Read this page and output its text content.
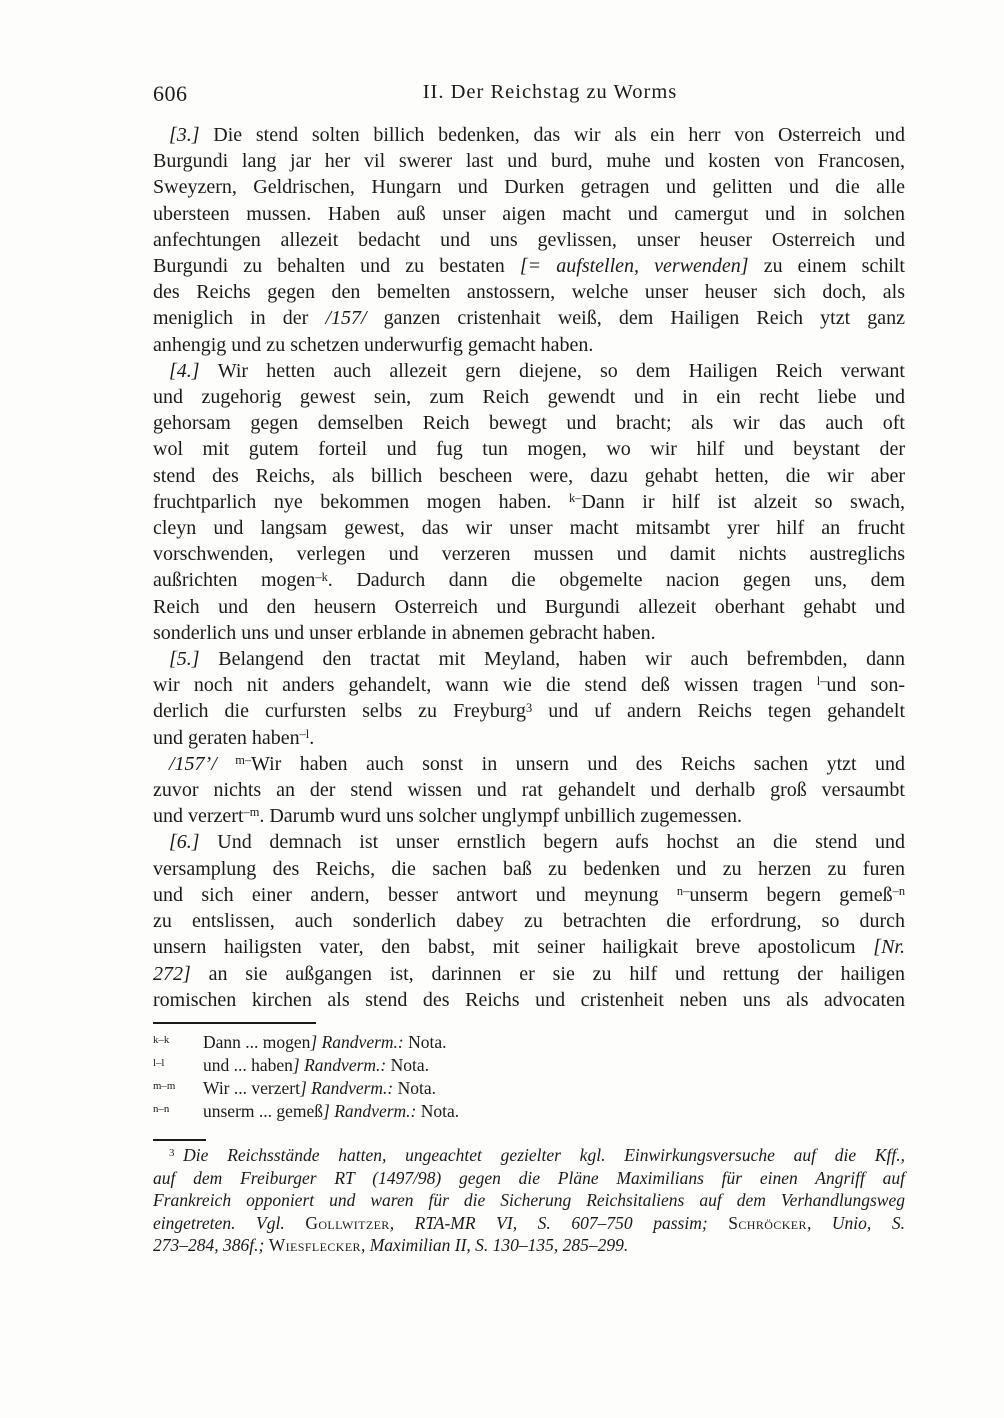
606	II. Der Reichstag zu Worms
[3.] Die stend solten billich bedenken, das wir als ein herr von Osterreich und
Burgundi lang jar her vil swerer last und burd, muhe und kosten von Francosen,
Sweyzern, Geldrischen, Hungarn und Durken getragen und gelitten und die alle
ubersteen mussen. Haben auß unser aigen macht und camergut und in solchen
anfechtungen allezeit bedacht und uns gevlissen, unser heuser Osterreich und
Burgundi zu behalten und zu bestaten [= aufstellen, verwenden] zu einem schilt
des Reichs gegen den bemelten anstossern, welche unser heuser sich doch, als
meniglich in der /157/ ganzen cristenhait weiß, dem Hailigen Reich ytzt ganz
anhengig und zu schetzen underwurfig gemacht haben.
[4.] Wir hetten auch allezeit gern diejene, so dem Hailigen Reich verwant
und zugehorig gewest sein, zum Reich gewendt und in ein recht liebe und
gehorsam gegen demselben Reich bewegt und bracht; als wir das auch oft
wol mit gutem forteil und fug tun mogen, wo wir hilf und beystant der
stend des Reichs, als billich bescheen were, dazu gehabt hetten, die wir aber
fruchtparlich nye bekommen mogen haben. $^{k-}$Dann ir hilf ist alzeit so swach,
cleyn und langsam gewest, das wir unser macht mitsambt yrer hilf an frucht
vorschwenden, verlegen und verzeren mussen und damit nichts austreglichs
außrichten mogen$^{-k}$. Dadurch dann die obgemelte nacion gegen uns, dem
Reich und den heusern Osterreich und Burgundi allezeit oberhant gehabt und
sonderlich uns und unser erblande in abnemen gebracht haben.
[5.] Belangend den tractat mit Meyland, haben wir auch befrembden, dann
wir noch nit anders gehandelt, wann wie die stend deß wissen tragen $^{l-}$und son-
derlich die curfursten selbs zu Freyburg$^3$ und uf andern Reichs tegen gehandelt
und geraten haben$^{-l}$.
/157’/ $^{m-}$Wir haben auch sonst in unsern und des Reichs sachen ytzt und
zuvor nichts an der stend wissen und rat gehandelt und derhalb groß versaumbt
und verzert$^{-m}$. Darumb wurd uns solcher unglympf unbillich zugemessen.
[6.] Und demnach ist unser ernstlich begern aufs hochst an die stend und
versamplung des Reichs, die sachen baß zu bedenken und zu herzen zu furen
und sich einer andern, besser antwort und meynung $^{n-}$unserm begern gemeß$^{-n}$
zu entslissen, auch sonderlich dabey zu betrachten die erfordrung, so durch
unsern hailigsten vater, den babst, mit seiner hailigkait breve apostolicum [Nr.
272] an sie außgangen ist, darinnen er sie zu hilf und rettung der hailigen
romischen kirchen als stend des Reichs und cristenheit neben uns als advocaten
k–k Dann ... mogen] Randverm.: Nota.
l–l und ... haben] Randverm.: Nota.
m–m Wir ... verzert] Randverm.: Nota.
n–n unserm ... gemeß] Randverm.: Nota.
$^3$  Die Reichsstände hatten, ungeachtet gezielter kgl. Einwirkungsversuche auf die Kff.,
auf dem Freiburger RT (1497/98) gegen die Pläne Maximilians für einen Angriff auf
Frankreich opponiert und waren für die Sicherung Reichsitaliens auf dem Verhandlungsweg
eingetreten. Vgl. Gollwitzer, RTA-MR VI, S. 607–750 passim; Schröcker, Unio, S.
273–284, 386f.; Wiesflecker, Maximilian II, S. 130–135, 285–299.
